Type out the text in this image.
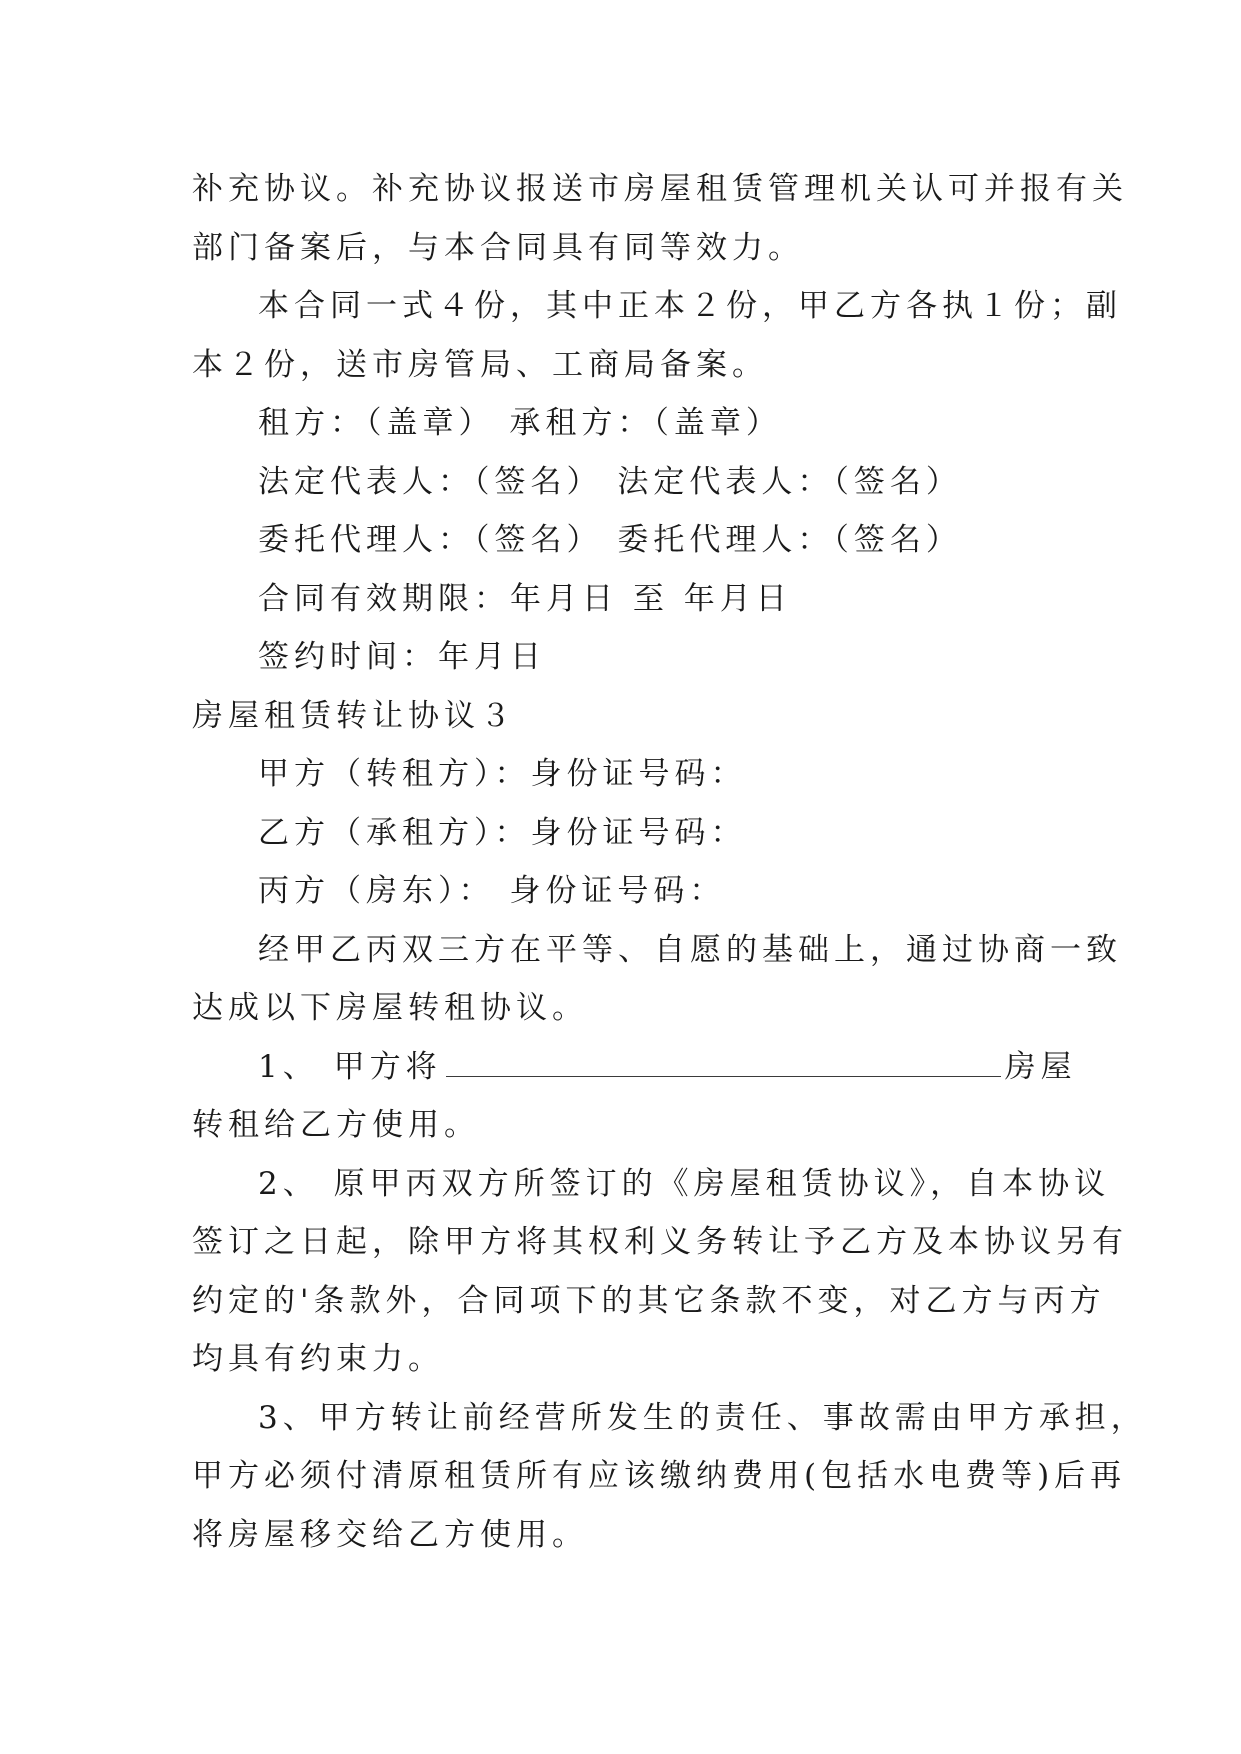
补充协议。补充协议报送市房屋租赁管理机关认可并报有关
部门备案后，与本合同具有同等效力。
本合同一式４份，其中正本２份，甲乙方各执１份；副
本２份，送市房管局、工商局备案。
租方：（盖章） 承租方：（盖章）
法定代表人：（签名） 法定代表人：（签名）
委托代理人：（签名） 委托代理人：（签名）
合同有效期限：年月日 至 年月日
签约时间：年月日
房屋租赁转让协议３
甲方（转租方）：身份证号码：
乙方（承租方）：身份证号码：
丙方（房东）： 身份证号码：
经甲乙丙双三方在平等、自愿的基础上，通过协商一致
达成以下房屋转租协议。
1、 甲方将	房屋
转租给乙方使用。
2、 原甲丙双方所签订的《房屋租赁协议》，自本协议
签订之日起，除甲方将其权利义务转让予乙方及本协议另有
约定的'条款外，合同项下的其它条款不变，对乙方与丙方
均具有约束力。
3、甲方转让前经营所发生的责任、事故需由甲方承担，
甲方必须付清原租赁所有应该缴纳费用(包括水电费等)后再
将房屋移交给乙方使用。
